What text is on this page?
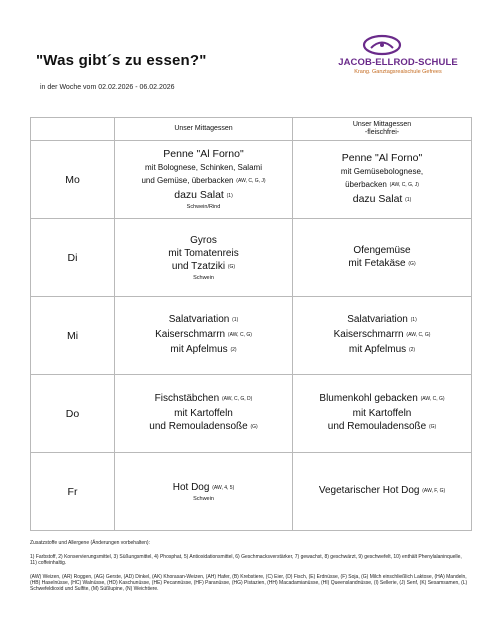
"Was gibt´s zu essen?"
in der Woche vom 02.02.2026 - 06.02.2026
JACOB-ELLROD-SCHULE
Krang. Ganztagsrealschule Gefrees
	Unser Mittagessen	Unser Mittagessen
-fleischfrei-
Mo	Penne "Al Forno"
mit Bolognese, Schinken, Salami
und Gemüse, überbacken (AW, C, G, J)
dazu Salat (1)
Schwein/Rind	Penne "Al Forno"
mit Gemüsebolognese,
überbacken (AW, C, G, J)
dazu Salat (1)
Di	Gyros
mit Tomatenreis
und Tzatziki (G)
Schwein	Ofengemüse
mit Fetakäse (G)
Mi	Salatvariation (1)
Kaiserschmarrn (AW, C, G)
mit Apfelmus (2)	Salatvariation (1)
Kaiserschmarrn (AW, C, G)
mit Apfelmus (2)
Do	Fischstäbchen (AW, C, G, D)
mit Kartoffeln
und Remouladensoße (G)	Blumenkohl gebacken (AW, C, G)
mit Kartoffeln
und Remouladensoße (G)
Fr	Hot Dog (AW, 4, 5)
Schwein	Vegetarischer Hot Dog (AW, F, G)

Zusatzstoffe und Allergene (Änderungen vorbehalten):

1) Farbstoff, 2) Konservierungsmittel, 3) Süßungsmittel, 4) Phosphat, 5) Antioxidationsmittel, 6) Geschmacksverstärker, 7) gewachst, 8) geschwärzt, 9) geschwefelt, 10) enthält Phenylalaninquelle,

11) coffeinhaltig.

(AW) Weizen, (AR) Roggen, (AG) Gerste, (AD) Dinkel, (AK) Khorasan-Weizen, (AH) Hafer, (B) Krebstiere, (C) Eier, (D) Fisch, (E) Erdnüsse, (F) Soja, (G) Milch einschließlich Laktose, (HA) Mandeln, (HB) Haselnüsse, (HC) Walnüsse, (HD) Kaschunüsse, (HE) Pecannüsse, (HF) Paranüsse, (HG) Pistazien, (HH) Macadamianüsse, (HI) Queenslandnüsse, (I) Sellerie, (J) Senf, (K) Sesamsamen, (L) Schwefeldioxid und Sulfite, (M) Süßlupine, (N) Weichtiere.
